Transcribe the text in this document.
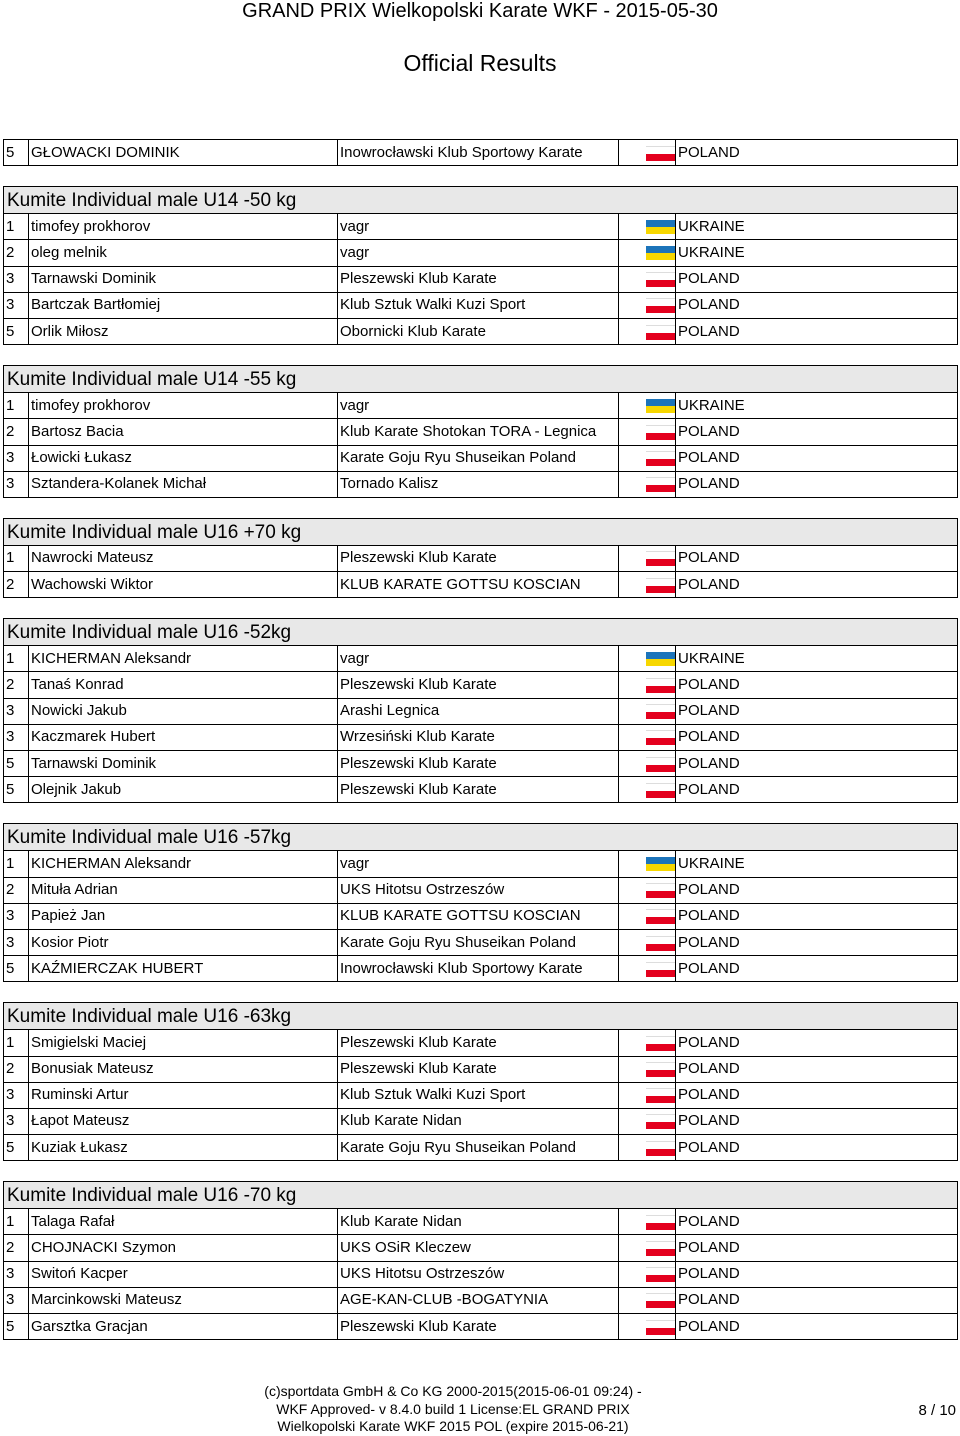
GRAND PRIX Wielkopolski Karate WKF - 2015-05-30
Official Results
5	GŁOWACKI DOMINIK	Inowrocławski Klub Sportowy Karate		POLAND
Kumite Individual male U14 -50 kg
1	timofey prokhorov	vagr		UKRAINE
2	oleg melnik	vagr		UKRAINE
3	Tarnawski Dominik	Pleszewski Klub Karate		POLAND
3	Bartczak Bartłomiej	Klub Sztuk Walki Kuzi Sport		POLAND
5	Orlik Miłosz	Obornicki Klub Karate		POLAND
Kumite Individual male U14 -55 kg
1	timofey prokhorov	vagr		UKRAINE
2	Bartosz Bacia	Klub Karate Shotokan TORA - Legnica		POLAND
3	Łowicki Łukasz	Karate Goju Ryu Shuseikan Poland		POLAND
3	Sztandera-Kolanek Michał	Tornado Kalisz		POLAND
Kumite Individual male U16 +70 kg
1	Nawrocki Mateusz	Pleszewski Klub Karate		POLAND
2	Wachowski Wiktor	KLUB KARATE GOTTSU KOSCIAN		POLAND
Kumite Individual male U16 -52kg
1	KICHERMAN Aleksandr	vagr		UKRAINE
2	Tanaś Konrad	Pleszewski Klub Karate		POLAND
3	Nowicki Jakub	Arashi Legnica		POLAND
3	Kaczmarek Hubert	Wrzesiński Klub Karate		POLAND
5	Tarnawski Dominik	Pleszewski Klub Karate		POLAND
5	Olejnik Jakub	Pleszewski Klub Karate		POLAND
Kumite Individual male U16 -57kg
1	KICHERMAN Aleksandr	vagr		UKRAINE
2	Mituła Adrian	UKS Hitotsu Ostrzeszów		POLAND
3	Papież Jan	KLUB KARATE GOTTSU KOSCIAN		POLAND
3	Kosior Piotr	Karate Goju Ryu Shuseikan Poland		POLAND
5	KAŹMIERCZAK HUBERT	Inowrocławski Klub Sportowy Karate		POLAND
Kumite Individual male U16 -63kg
1	Smigielski Maciej	Pleszewski Klub Karate		POLAND
2	Bonusiak Mateusz	Pleszewski Klub Karate		POLAND
3	Ruminski Artur	Klub Sztuk Walki Kuzi Sport		POLAND
3	Łapot Mateusz	Klub Karate Nidan		POLAND
5	Kuziak Łukasz	Karate Goju Ryu Shuseikan Poland		POLAND
Kumite Individual male U16 -70 kg
1	Talaga Rafał	Klub Karate Nidan		POLAND
2	CHOJNACKI Szymon	UKS OSiR Kleczew		POLAND
3	Switoń Kacper	UKS Hitotsu Ostrzeszów		POLAND
3	Marcinkowski Mateusz	AGE-KAN-CLUB -BOGATYNIA		POLAND
5	Garsztka Gracjan	Pleszewski Klub Karate		POLAND
(c)sportdata GmbH & Co KG 2000-2015(2015-06-01 09:24) -
WKF Approved- v 8.4.0 build 1 License:EL GRAND PRIX
Wielkopolski Karate WKF 2015 POL (expire 2015-06-21)
8 / 10
